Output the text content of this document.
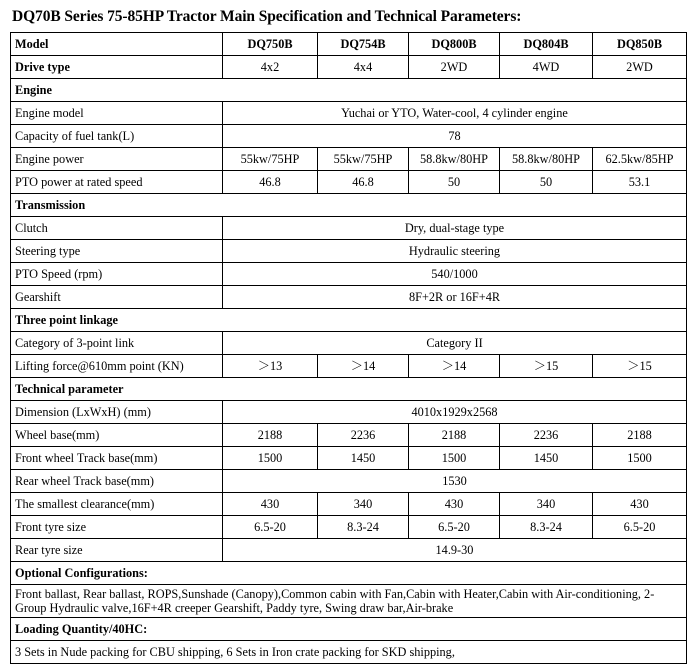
DQ70B Series 75-85HP Tractor Main Specification and Technical Parameters:
Model	DQ750B	DQ754B	DQ800B	DQ804B	DQ850B
Drive type	4x2	4x4	2WD	4WD	2WD
Engine					
Engine model	Yuchai or YTO, Water-cool, 4 cylinder engine				
Capacity of fuel tank(L)	78				
Engine power	55kw/75HP	55kw/75HP	58.8kw/80HP	58.8kw/80HP	62.5kw/85HP
PTO power at rated speed	46.8	46.8	50	50	53.1
Transmission					
Clutch	Dry, dual-stage type				
Steering type	Hydraulic steering				
PTO Speed (rpm)	540/1000				
Gearshift	8F+2R or 16F+4R				
Three point linkage					
Category of 3-point link	Category II				
Lifting force@610mm point (KN)	＞13	＞14	＞14	＞15	＞15
Technical parameter					
Dimension (LxWxH) (mm)	4010x1929x2568				
Wheel base(mm)	2188	2236	2188	2236	2188
Front wheel Track base(mm)	1500	1450	1500	1450	1500
Rear wheel Track base(mm)	1530				
The smallest clearance(mm)	430	340	430	340	430
Front tyre size	6.5-20	8.3-24	6.5-20	8.3-24	6.5-20
Rear tyre size	14.9-30				
Optional Configurations:					
Front ballast, Rear ballast, ROPS,Sunshade (Canopy),Common cabin with Fan,Cabin with Heater,Cabin with Air-conditioning, 2-Group Hydraulic valve,16F+4R creeper Gearshift, Paddy tyre, Swing draw bar,Air-brake					
Loading Quantity/40HC:					
3 Sets in Nude packing for CBU shipping, 6 Sets in Iron crate packing for SKD shipping,					
